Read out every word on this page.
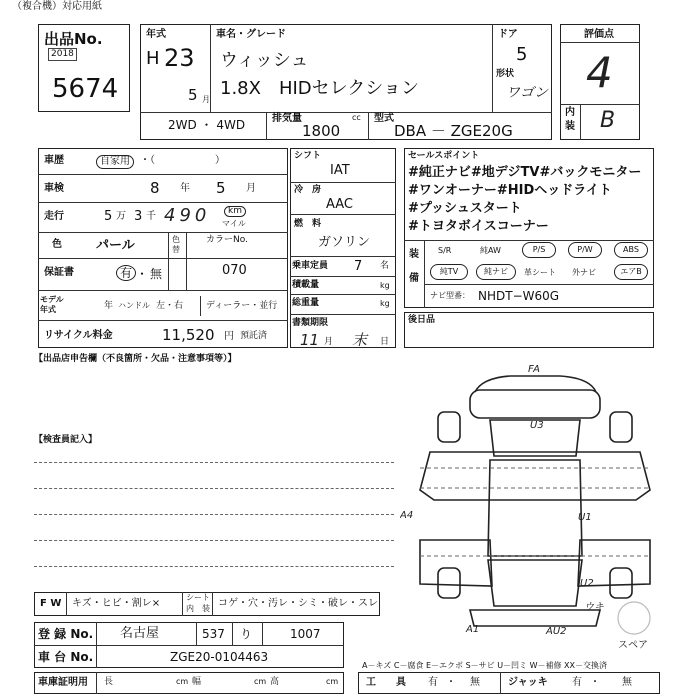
（複合機）対応用紙
出品No.
2018
5674
年式
H 23
5 月
車名・グレード
ウィッシュ
1.8X　HIDセレクション
ドア
5
形状
ワゴン
2WD ・ 4WD	排気量
1800
cc 型式
DBA － ZGE20G
評価点
4
内
装 B
車歴	自家用	・（　　　　　　）
車検	8 年 5 月
走行	5 万 3 千 490	km
マイル
色	パール	色
替
カラーNo.
070
保証書	有 ・ 無
モデル
年式	年 ハンドル 左・右	ディーラー・並行
リサイクル料金	11,520 円 預託済
シフト
IAT
冷　房
AAC
燃　料
ガソリン
乗車定員 7 名
積載量	kg
総重量	kg
書類期限
11 月 末 日
セールスポイント
#純正ナビ#地デジTV#バックモニター
#ワンオーナー#HIDヘッドライト
#プッシュスタート
#トヨタボイスコーナー
装
備
S/R	純AW	P/S	P/W	ABS
純TV	純ナビ	革シート 外ナビ	エアB
ナビ型番： NHDT−W60G
後日品
【出品店申告欄（不良箇所・欠品・注意事項等）】
【検査員記入】
FA
U3
A4	U1
U2
ウキ
A1	AU2
スペア
F W キズ・ヒビ・割レ×
シート
内　装 コゲ・穴・汚レ・シミ・破レ・スレ
登 録 No. 名古屋	537 り	1007
車 台 No.	ZGE20-0104463
A－キズ C－腐食 E－エクボ S－サビ U－凹ミ W－補修 XX－交換済
車庫証明用 長	cm 幅	cm 高	cm	工　　具 有 ・ 無	ジャッキ 有 ・ 無
